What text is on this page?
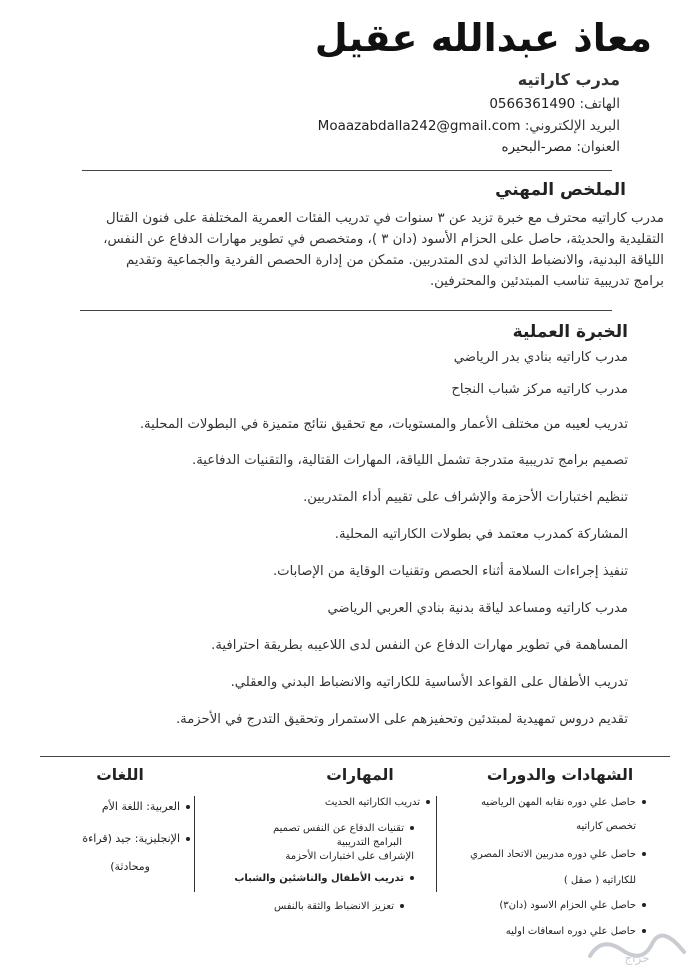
معاذ عبدالله عقيل
مدرب كاراتيه
الهاتف: 0566361490
البريد الإلكتروني: Moaazabdalla242@gmail.com
العنوان: مصر-البحيره
الملخص المهني
مدرب كاراتيه محترف مع خبرة تزيد عن ٣ سنوات في تدريب الفئات العمرية المختلفة على فنون القتال
التقليدية والحديثة، حاصل على الحزام الأسود (دان ٣ )، ومتخصص في تطوير مهارات الدفاع عن النفس،
اللياقة البدنية، والانضباط الذاتي لدى المتدربين. متمكن من إدارة الحصص الفردية والجماعية وتقديم
برامج تدريبية تناسب المبتدئين والمحترفين.
الخبرة العملية
مدرب كاراتيه بنادي بدر الرياضي
مدرب كاراتيه مركز شباب النجاح
تدريب لعيبه من مختلف الأعمار والمستويات، مع تحقيق نتائج متميزة في البطولات المحلية.
تصميم برامج تدريبية متدرجة تشمل اللياقة، المهارات القتالية، والتقنيات الدفاعية.
تنظيم اختبارات الأحزمة والإشراف على تقييم أداء المتدربين.
المشاركة كمدرب معتمد في بطولات الكاراتيه المحلية.
تنفيذ إجراءات السلامة أثناء الحصص وتقنيات الوقاية من الإصابات.
مدرب كاراتيه ومساعد لياقة بدنية بنادي العربي الرياضي
المساهمة في تطوير مهارات الدفاع عن النفس لدى اللاعيبه بطريقة احترافية.
تدريب الأطفال على القواعد الأساسية للكاراتيه والانضباط البدني والعقلي.
تقديم دروس تمهيدية لمبتدئين وتحفيزهم على الاستمرار وتحقيق التدرج في الأحزمة.
الشهادات والدورات
حاصل علي دوره نقابه المهن الرياضيه
تخصص كاراتيه
حاصل علي دوره مدربين الاتحاد المصري
للكاراتيه ( صقل )
حاصل علي الحزام الاسود (دان٣)
حاصل علي دوره اسعافات اوليه
المهارات
تدريب الكاراتيه الحديث
تقنيات الدفاع عن النفس تصميم
البرامج التدريبية
الإشراف على اختبارات الأحزمة
تدريب الأطفال والناشئين والشباب
تعزيز الانضباط والثقة بالنفس
اللغات
العربية: اللغة الأم
الإنجليزية: جيد (قراءة
ومحادثة)
حراج
